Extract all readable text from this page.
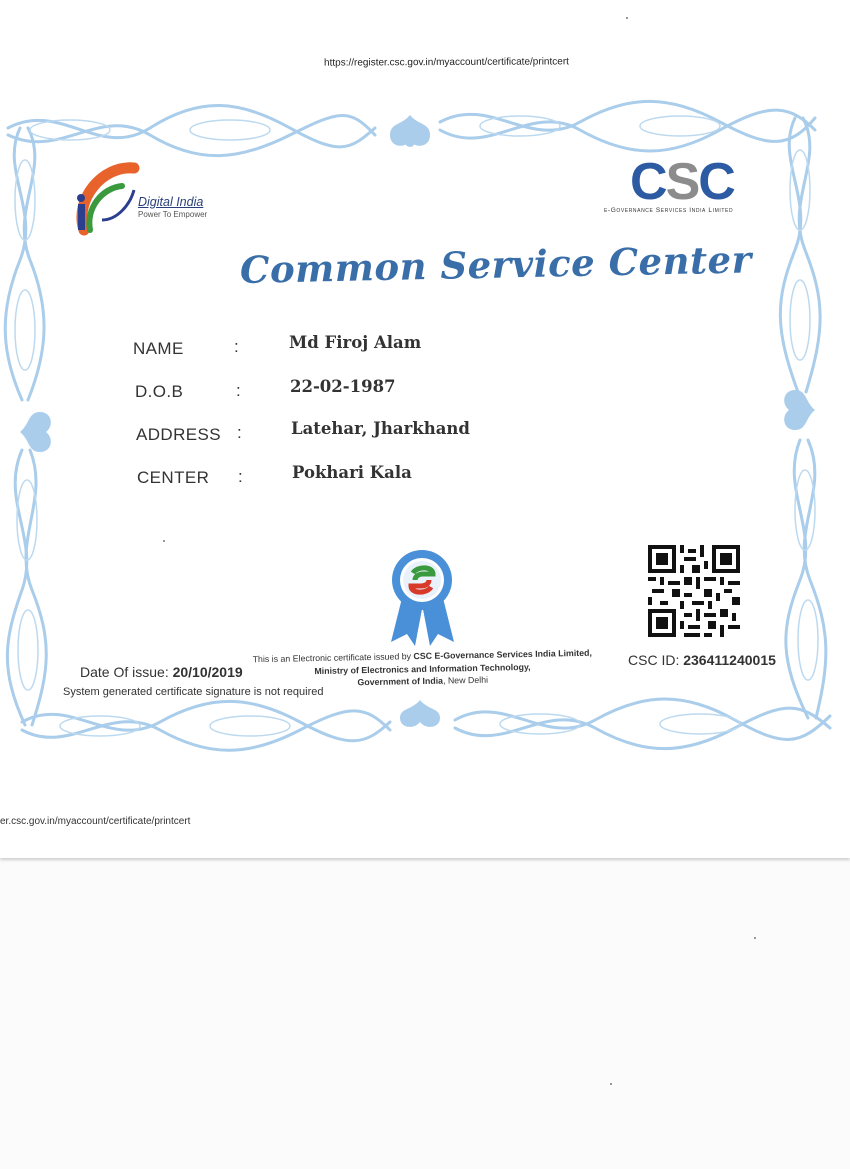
https://register.csc.gov.in/myaccount/certificate/printcert
Digital India
Power To Empower
CSC
e-Governance Services India Limited
Common Service Center
NAME	:	Md Firoj Alam
D.O.B	:	22-02-1987
ADDRESS :	Latehar, Jharkhand
CENTER :	Pokhari Kala
Date Of issue: 20/10/2019
This is an Electronic certificate issued by CSC E-Governance Services India Limited,
Ministry of Electronics and Information Technology,
Government of India, New Delhi
CSC ID: 236411240015
System generated certificate signature is not required
er.csc.gov.in/myaccount/certificate/printcert
